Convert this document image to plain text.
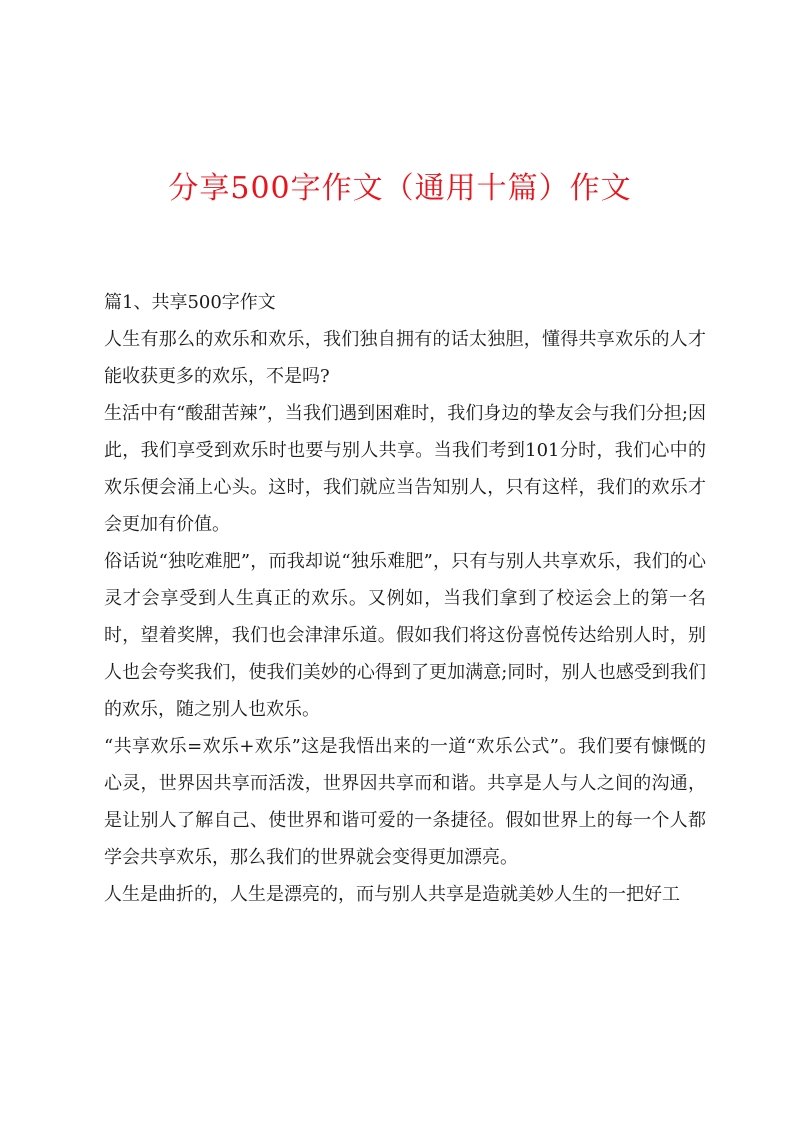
分享500字作文（通用十篇）作文

篇1、共享500字作文

人生有那么的欢乐和欢乐，我们独自拥有的话太独胆，懂得共享欢乐的人才能收获更多的欢乐，不是吗?

生活中有“酸甜苦辣”，当我们遇到困难时，我们身边的挚友会与我们分担;因此，我们享受到欢乐时也要与别人共享。当我们考到101分时，我们心中的欢乐便会涌上心头。这时，我们就应当告知别人，只有这样，我们的欢乐才会更加有价值。

俗话说“独吃难肥”，而我却说“独乐难肥”，只有与别人共享欢乐，我们的心灵才会享受到人生真正的欢乐。又例如，当我们拿到了校运会上的第一名时，望着奖牌，我们也会津津乐道。假如我们将这份喜悦传达给别人时，别人也会夸奖我们，使我们美妙的心得到了更加满意;同时，别人也感受到我们的欢乐，随之别人也欢乐。

“共享欢乐=欢乐+欢乐”这是我悟出来的一道“欢乐公式”。我们要有慷慨的心灵，世界因共享而活泼，世界因共享而和谐。共享是人与人之间的沟通，是让别人了解自己、使世界和谐可爱的一条捷径。假如世界上的每一个人都学会共享欢乐，那么我们的世界就会变得更加漂亮。

人生是曲折的，人生是漂亮的，而与别人共享是造就美妙人生的一把好工
